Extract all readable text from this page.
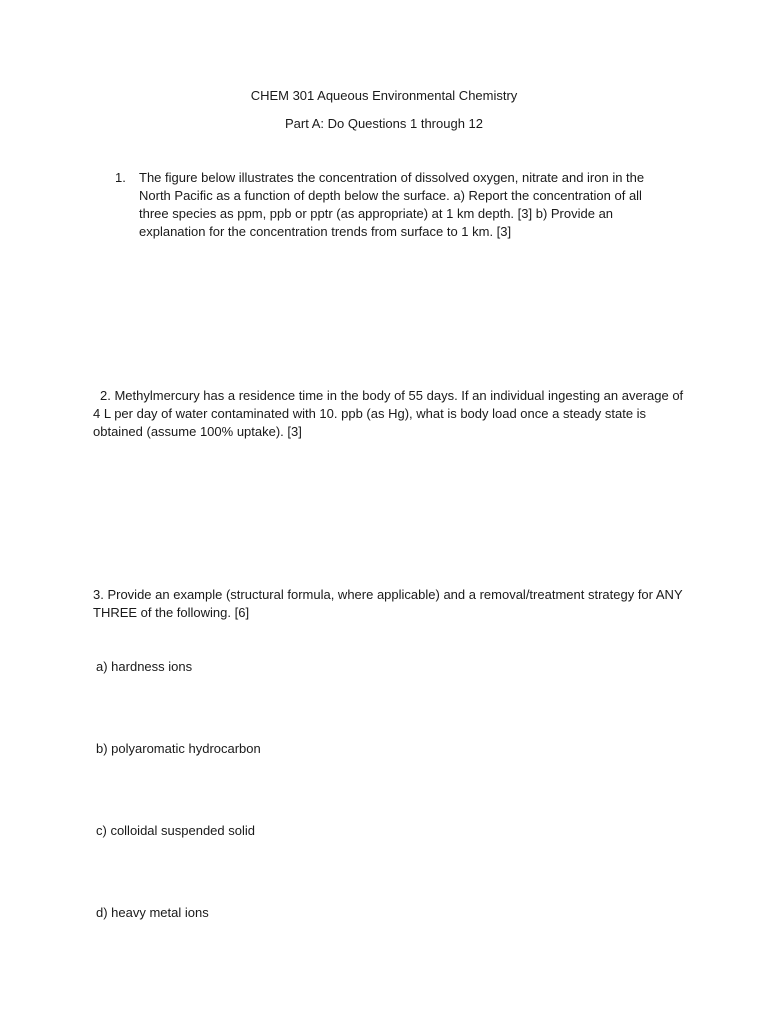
CHEM 301 Aqueous Environmental Chemistry

Part A: Do Questions 1 through 12

1. The figure below illustrates the concentration of dissolved oxygen, nitrate and iron in the North Pacific as a function of depth below the surface. a) Report the concentration of all three species as ppm, ppb or pptr (as appropriate) at 1 km depth. [3] b) Provide an explanation for the concentration trends from surface to 1 km. [3]

2. Methylmercury has a residence time in the body of 55 days. If an individual ingesting an average of 4 L per day of water contaminated with 10. ppb (as Hg), what is body load once a steady state is obtained (assume 100% uptake). [3]

3. Provide an example (structural formula, where applicable) and a removal/treatment strategy for ANY THREE of the following. [6]

a) hardness ions

b) polyaromatic hydrocarbon

c) colloidal suspended solid

d) heavy metal ions
